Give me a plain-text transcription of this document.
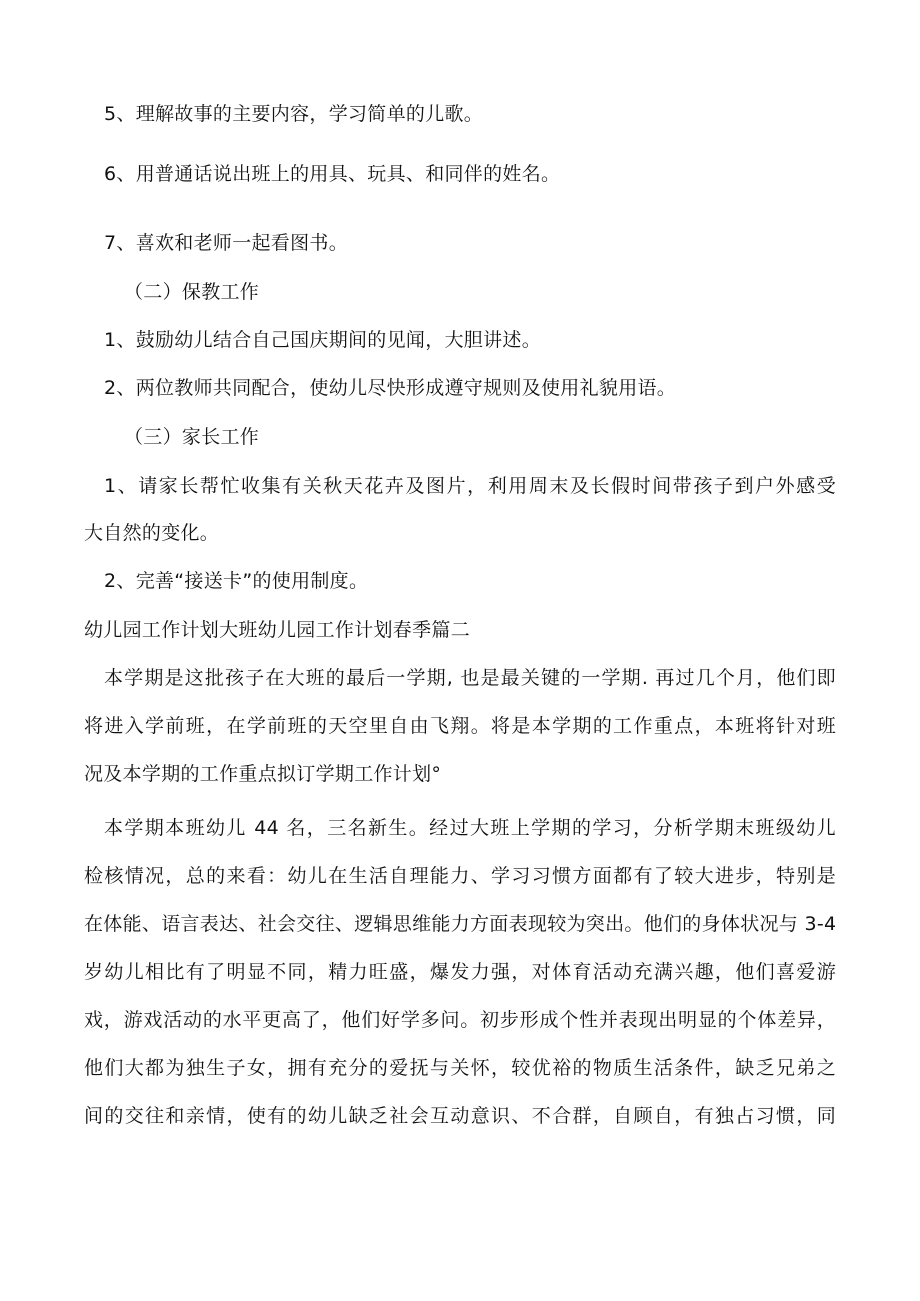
5、理解故事的主要内容，学习简单的儿歌。
6、用普通话说出班上的用具、玩具、和同伴的姓名。
7、喜欢和老师一起看图书。
（二）保教工作
1、鼓励幼儿结合自己国庆期间的见闻，大胆讲述。
2、两位教师共同配合，使幼儿尽快形成遵守规则及使用礼貌用语。
（三）家长工作
1、请家长帮忙收集有关秋天花卉及图片，利用周末及长假时间带孩子到户外感受
大自然的变化。
2、完善“接送卡”的使用制度。
幼儿园工作计划大班幼儿园工作计划春季篇二
本学期是这批孩子在大班的最后一学期, 也是最关键的一学期. 再过几个月，他们即
将进入学前班，在学前班的天空里自由飞翔。将是本学期的工作重点，本班将针对班
况及本学期的工作重点拟订学期工作计划°
本学期本班幼儿 44 名，三名新生。经过大班上学期的学习，分析学期末班级幼儿
检核情况，总的来看：幼儿在生活自理能力、学习习惯方面都有了较大进步，特别是
在体能、语言表达、社会交往、逻辑思维能力方面表现较为突出。他们的身体状况与 3-4
岁幼儿相比有了明显不同，精力旺盛，爆发力强，对体育活动充满兴趣，他们喜爱游
戏，游戏活动的水平更高了，他们好学多问。初步形成个性并表现出明显的个体差异，
他们大都为独生子女，拥有充分的爱抚与关怀，较优裕的物质生活条件，缺乏兄弟之
间的交往和亲情，使有的幼儿缺乏社会互动意识、不合群，自顾自，有独占习惯，同
